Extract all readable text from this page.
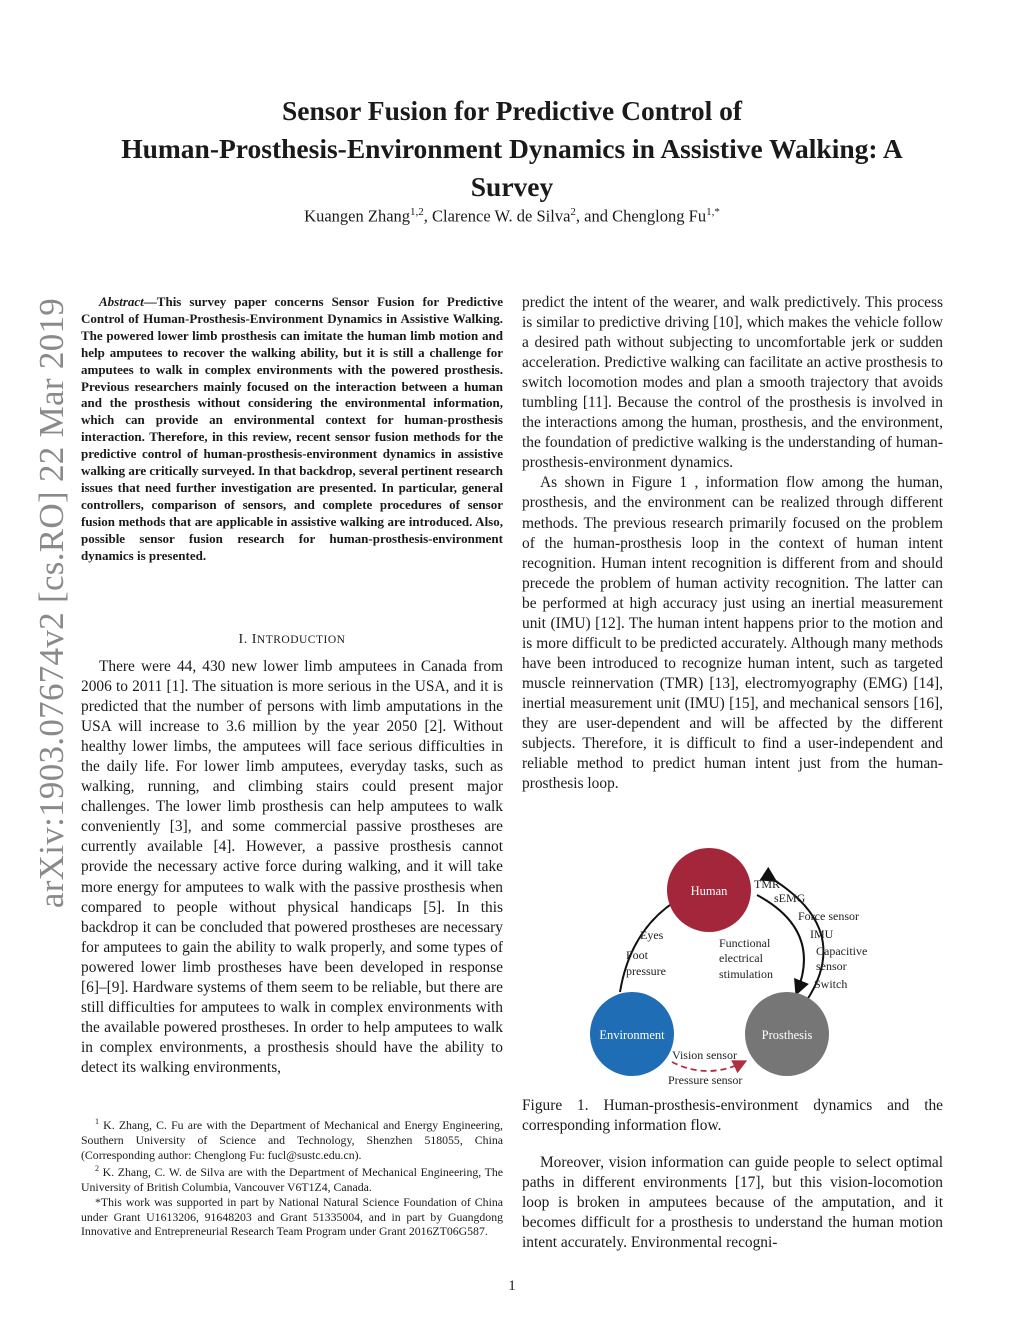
arXiv:1903.07674v2 [cs.RO] 22 Mar 2019
Sensor Fusion for Predictive Control of
Human-Prosthesis-Environment Dynamics in Assistive Walking: A
Survey
Kuangen Zhang$^{1,2}$, Clarence W. de Silva$^2$, and Chenglong $Fu^{1,*}$
Abstract—This survey paper concerns Sensor Fusion for Predictive Control of Human-Prosthesis-Environment Dynamics in Assistive Walking. The powered lower limb prosthesis can imitate the human limb motion and help amputees to recover the walking ability, but it is still a challenge for amputees to walk in complex environments with the powered prosthesis. Previous researchers mainly focused on the interaction between a human and the prosthesis without considering the environmental information, which can provide an environmental context for human-prosthesis interaction. Therefore, in this review, recent sensor fusion methods for the predictive control of human-prosthesis-environment dynamics in assistive walking are critically surveyed. In that backdrop, several pertinent research issues that need further investigation are presented. In particular, general controllers, comparison of sensors, and complete procedures of sensor fusion methods that are applicable in assistive walking are introduced. Also, possible sensor fusion research for human-prosthesis-environment dynamics is presented.
I. INTRODUCTION

There were 44, 430 new lower limb amputees in Canada from 2006 to 2011 [1]. The situation is more serious in the USA, and it is predicted that the number of persons with limb amputations in the USA will increase to 3.6 million by the year 2050 [2]. Without healthy lower limbs, the amputees will face serious difficulties in the daily life. For lower limb amputees, everyday tasks, such as walking, running, and climbing stairs could present major challenges. The lower limb prosthesis can help amputees to walk conveniently [3], and some commercial passive prostheses are currently available [4]. However, a passive prosthesis cannot provide the necessary active force during walking, and it will take more energy for amputees to walk with the passive prosthesis when compared to people without physical handicaps [5]. In this backdrop it can be concluded that powered prostheses are necessary for amputees to gain the ability to walk properly, and some types of powered lower limb prostheses have been developed in response [6]–[9]. Hardware systems of them seem to be reliable, but there are still difficulties for amputees to walk in complex environments with the available powered prostheses. In order to help amputees to walk in complex environments, a prosthesis should have the ability to detect its walking environments,

$^1$ K. Zhang, C. Fu are with the Department of Mechanical and Energy Engineering, Southern University of Science and Technology, Shenzhen 518055, China (Corresponding author: Chenglong Fu: fucl@sustc.edu.cn).

$^2$ K. Zhang, C. W. de Silva are with the Department of Mechanical Engineering, The University of British Columbia, Vancouver V6T1Z4, Canada.

*This work was supported in part by National Natural Science Foundation of China under Grant U1613206, 91648203 and Grant 51335004, and in part by Guangdong Innovative and Entrepreneurial Research Team Program under Grant 2016ZT06G587.

predict the intent of the wearer, and walk predictively. This process is similar to predictive driving [10], which makes the vehicle follow a desired path without subjecting to uncomfortable jerk or sudden acceleration. Predictive walking can facilitate an active prosthesis to switch locomotion modes and plan a smooth trajectory that avoids tumbling [11]. Because the control of the prosthesis is involved in the interactions among the human, prosthesis, and the environment, the foundation of predictive walking is the understanding of human-prosthesis-environment dynamics.

As shown in Figure 1 , information flow among the human, prosthesis, and the environment can be realized through different methods. The previous research primarily focused on the problem of the human-prosthesis loop in the context of human intent recognition. Human intent recognition is different from and should precede the problem of human activity recognition. The latter can be performed at high accuracy just using an inertial measurement unit (IMU) [12]. The human intent happens prior to the motion and is more difficult to be predicted accurately. Although many methods have been introduced to recognize human intent, such as targeted muscle reinnervation (TMR) [13], electromyography (EMG) [14], inertial measurement unit (IMU) [15], and mechanical sensors [16], they are user-dependent and will be affected by the different subjects. Therefore, it is difficult to find a user-independent and reliable method to predict human intent just from the human-prosthesis loop.

Human
Environment	Prosthesis
TMR
sEMG
Force sensor
IMU
Capacitive
sensor
Switch
Eyes
Foot
pressure
Functional
electrical
stimulation
Vision sensor
Pressure sensor
Figure 1. Human-prosthesis-environment dynamics and the corresponding information flow.

Moreover, vision information can guide people to select optimal paths in different environments [17], but this vision-locomotion loop is broken in amputees because of the amputation, and it becomes difficult for a prosthesis to understand the human motion intent accurately. Environmental recogni-

1
